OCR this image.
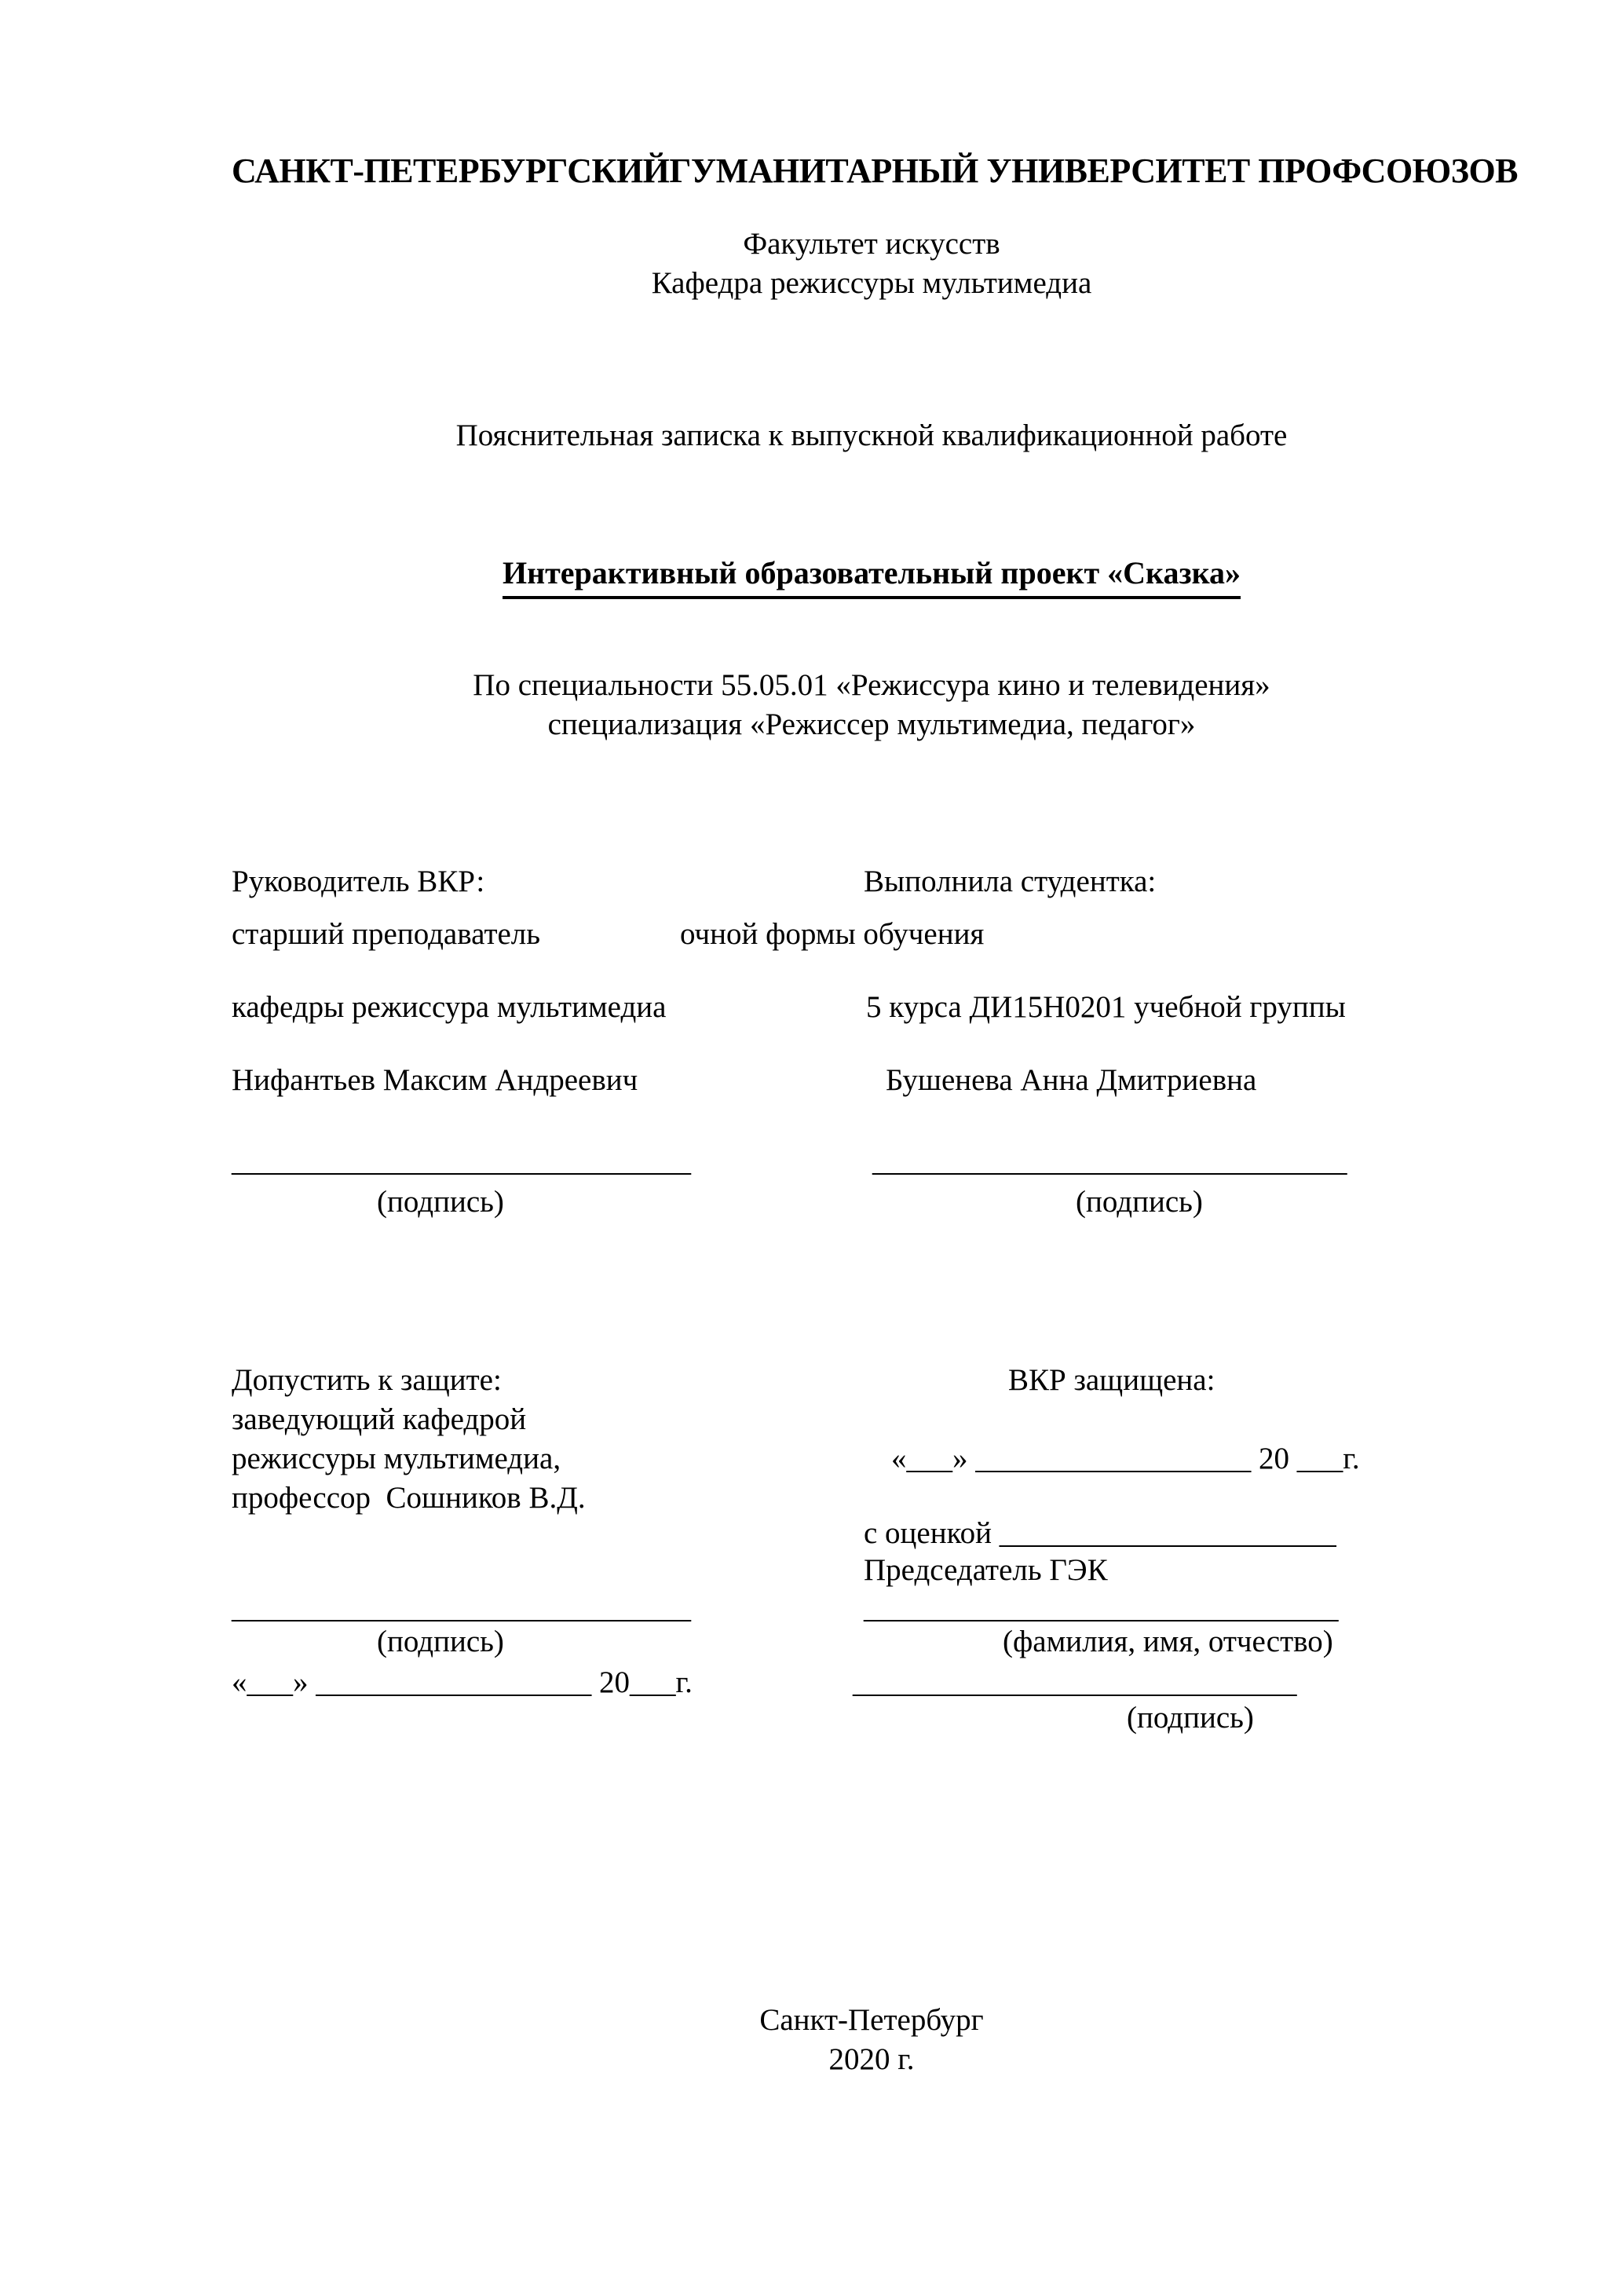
САНКТ-ПЕТЕРБУРГСКИЙГУМАНИТАРНЫЙ УНИВЕРСИТЕТ ПРОФСОЮЗОВ
Факультет искусств
Кафедра режиссуры мультимедиа
Пояснительная записка к выпускной квалификационной работе
Интерактивный образовательный проект «Сказка»
По специальности 55.05.01 «Режиссура кино и телевидения»
специализация «Режиссер мультимедиа, педагог»
Руководитель ВКР:	Выполнила студентка:
старший преподаватель	очной формы обучения
кафедры режиссура мультимедиа	5 курса ДИ15Н0201 учебной группы
Нифантьев Максим Андреевич	Бушенева Анна Дмитриевна
______________________________	_______________________________
(подпись)	(подпись)
Допустить к защите:	ВКР защищена:
заведующий кафедрой
режиссуры мультимедиа,	«___» __________________ 20 ___г.
профессор  Сошников В.Д.
с оценкой ______________________
Председатель ГЭК
______________________________	_______________________________
(подпись)	(фамилия, имя, отчество)
«___» __________________ 20___г.	_____________________________
(подпись)
Санкт-Петербург
2020 г.
